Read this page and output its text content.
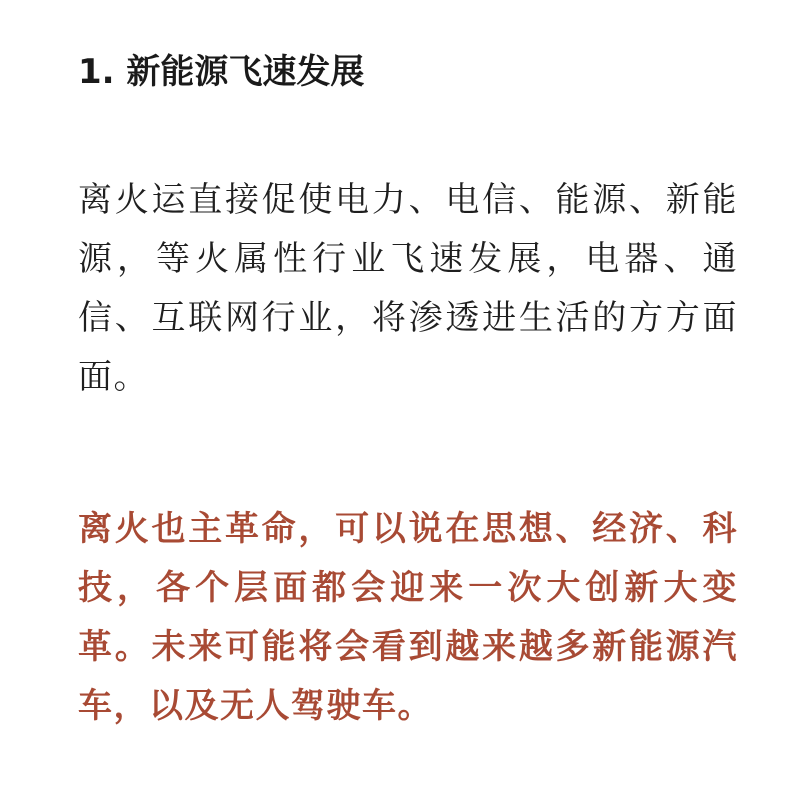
1. 新能源飞速发展

离火运直接促使电力、电信、能源、新能源，等火属性行业飞速发展，电器、通信、互联网行业，将渗透进生活的方方面面。

离火也主革命，可以说在思想、经济、科技，各个层面都会迎来一次大创新大变革。未来可能将会看到越来越多新能源汽车，以及无人驾驶车。
